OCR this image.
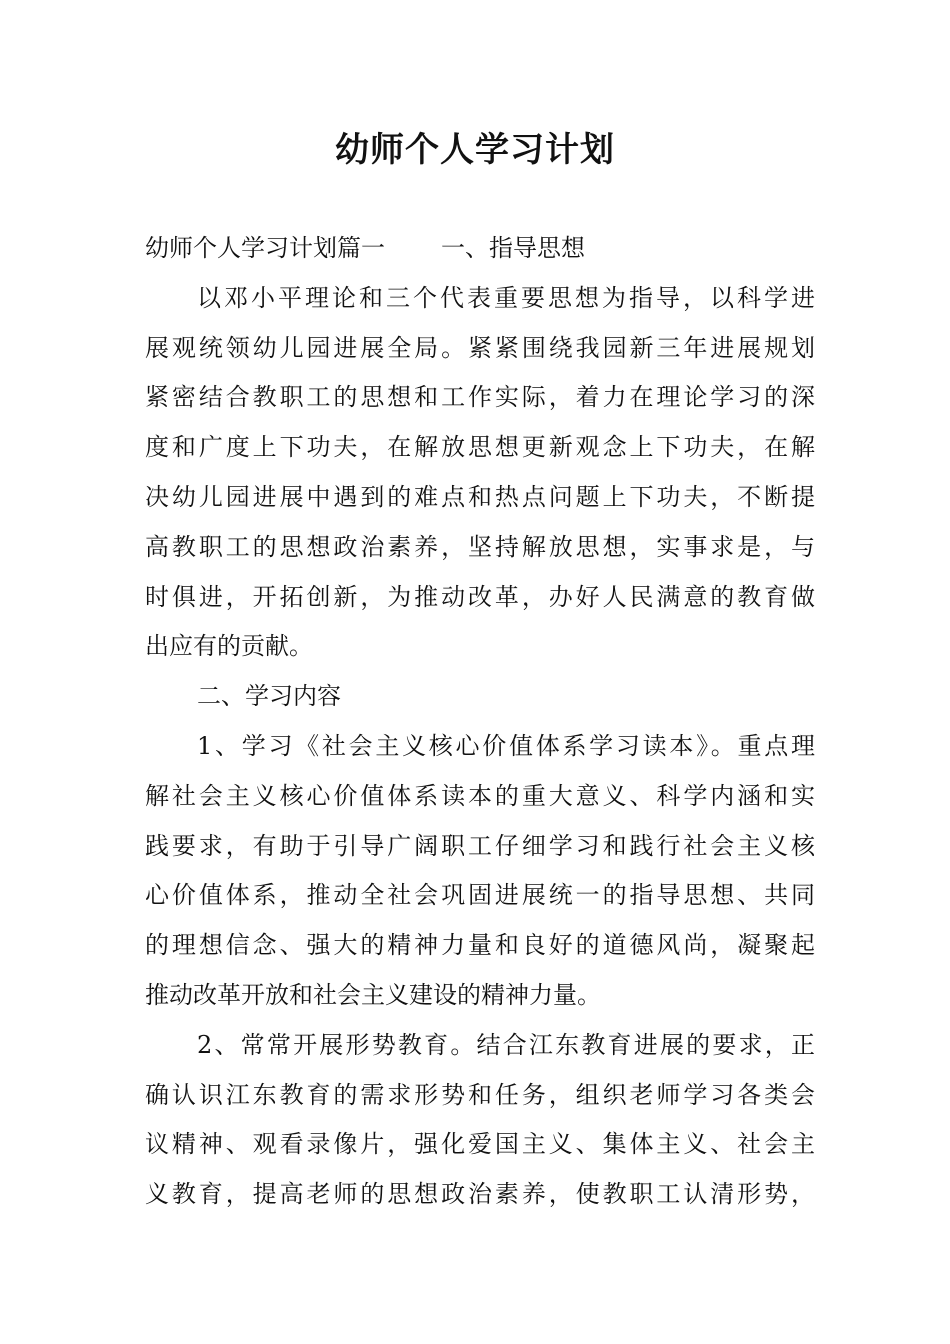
幼师个人学习计划
幼师个人学习计划篇一 一、指导思想
以邓小平理论和三个代表重要思想为指导，以科学进
展观统领幼儿园进展全局。紧紧围绕我园新三年进展规划
紧密结合教职工的思想和工作实际，着力在理论学习的深
度和广度上下功夫，在解放思想更新观念上下功夫，在解
决幼儿园进展中遇到的难点和热点问题上下功夫，不断提
高教职工的思想政治素养，坚持解放思想，实事求是，与
时俱进，开拓创新，为推动改革，办好人民满意的教育做
出应有的贡献。
二、学习内容
1、学习《社会主义核心价值体系学习读本》。重点理
解社会主义核心价值体系读本的重大意义、科学内涵和实
践要求，有助于引导广阔职工仔细学习和践行社会主义核
心价值体系，推动全社会巩固进展统一的指导思想、共同
的理想信念、强大的精神力量和良好的道德风尚，凝聚起
推动改革开放和社会主义建设的精神力量。
2、常常开展形势教育。结合江东教育进展的要求，正
确认识江东教育的需求形势和任务，组织老师学习各类会
议精神、观看录像片，强化爱国主义、集体主义、社会主
义教育，提高老师的思想政治素养，使教职工认清形势，
